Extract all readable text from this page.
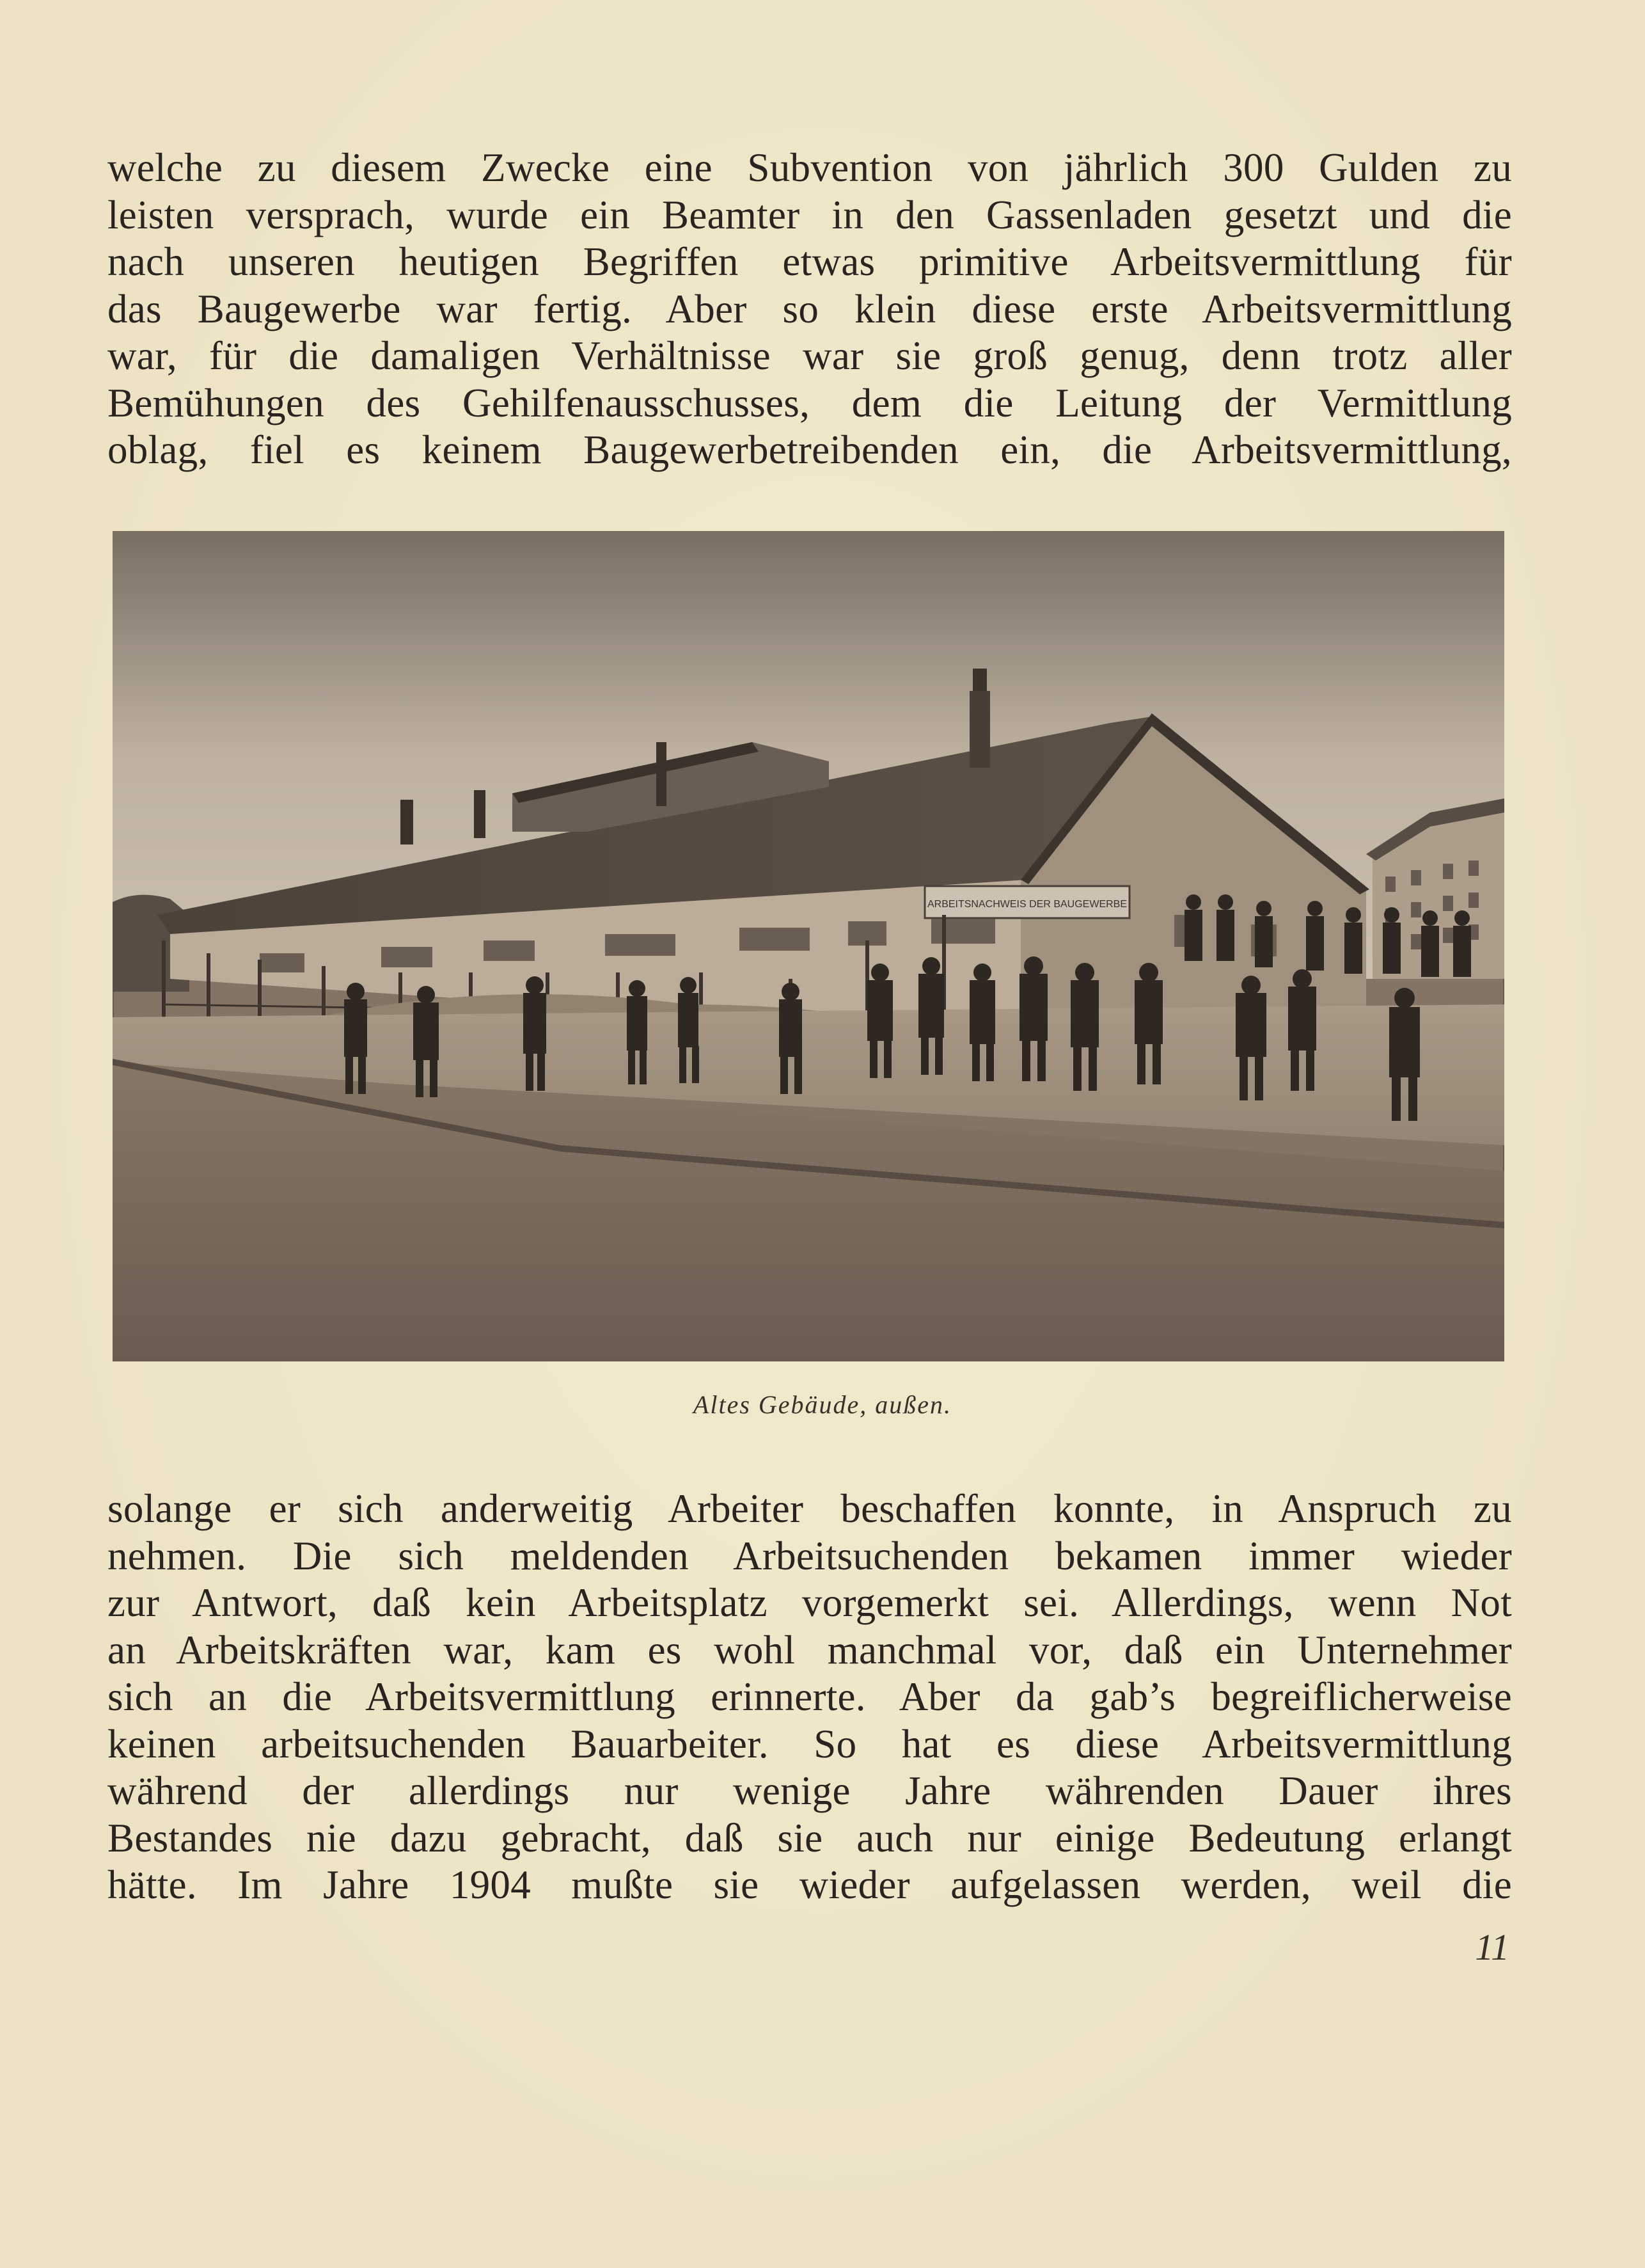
welche zu diesem Zwecke eine Subvention von jährlich 300 Gulden zu
leisten versprach, wurde ein Beamter in den Gassenladen gesetzt und die
nach unseren heutigen Begriffen etwas primitive Arbeitsvermittlung für
das Baugewerbe war fertig. Aber so klein diese erste Arbeitsvermittlung
war, für die damaligen Verhältnisse war sie groß genug, denn trotz aller
Bemühungen des Gehilfenausschusses, dem die Leitung der Vermittlung
oblag, fiel es keinem Baugewerbetreibenden ein, die Arbeitsvermittlung,
ARBEITSNACHWEIS DER BAUGEWERBE
Altes Gebäude, außen.
solange er sich anderweitig Arbeiter beschaffen konnte, in Anspruch zu
nehmen. Die sich meldenden Arbeitsuchenden bekamen immer wieder
zur Antwort, daß kein Arbeitsplatz vorgemerkt sei. Allerdings, wenn Not
an Arbeitskräften war, kam es wohl manchmal vor, daß ein Unternehmer
sich an die Arbeitsvermittlung erinnerte. Aber da gab’s begreiflicherweise
keinen arbeitsuchenden Bauarbeiter. So hat es diese Arbeitsvermittlung
während der allerdings nur wenige Jahre währenden Dauer ihres
Bestandes nie dazu gebracht, daß sie auch nur einige Bedeutung erlangt
hätte. Im Jahre 1904 mußte sie wieder aufgelassen werden, weil die
11
